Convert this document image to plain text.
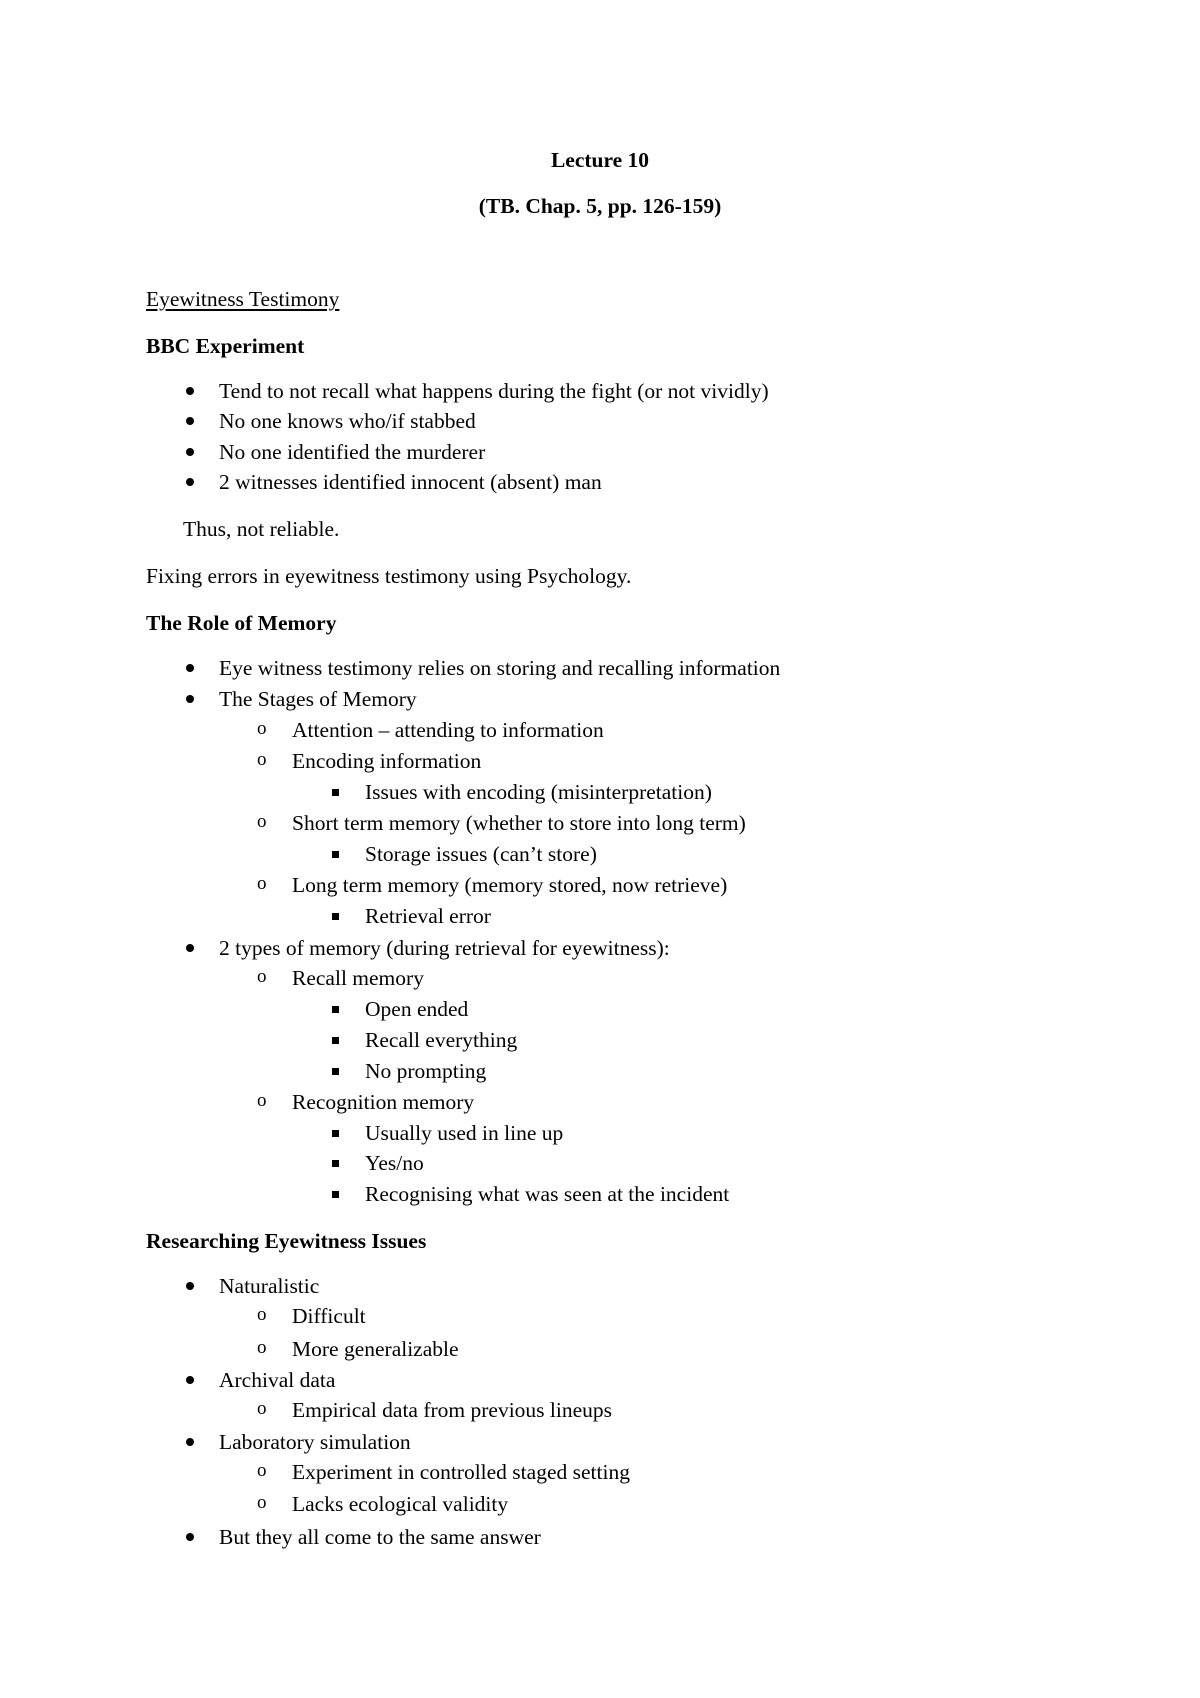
Lecture 10
(TB. Chap. 5, pp. 126-159)
Eyewitness Testimony
BBC Experiment
Tend to not recall what happens during the fight (or not vividly)
No one knows who/if stabbed
No one identified the murderer
2 witnesses identified innocent (absent) man
Thus, not reliable.
Fixing errors in eyewitness testimony using Psychology.
The Role of Memory
Eye witness testimony relies on storing and recalling information
The Stages of Memory
o Attention – attending to information
o Encoding information
Issues with encoding (misinterpretation)
o Short term memory (whether to store into long term)
Storage issues (can’t store)
o Long term memory (memory stored, now retrieve)
Retrieval error
2 types of memory (during retrieval for eyewitness):
o Recall memory
Open ended
Recall everything
No prompting
o Recognition memory
Usually used in line up
Yes/no
Recognising what was seen at the incident
Researching Eyewitness Issues
Naturalistic
o Difficult
o More generalizable
Archival data
o Empirical data from previous lineups
Laboratory simulation
o Experiment in controlled staged setting
o Lacks ecological validity
But they all come to the same answer
